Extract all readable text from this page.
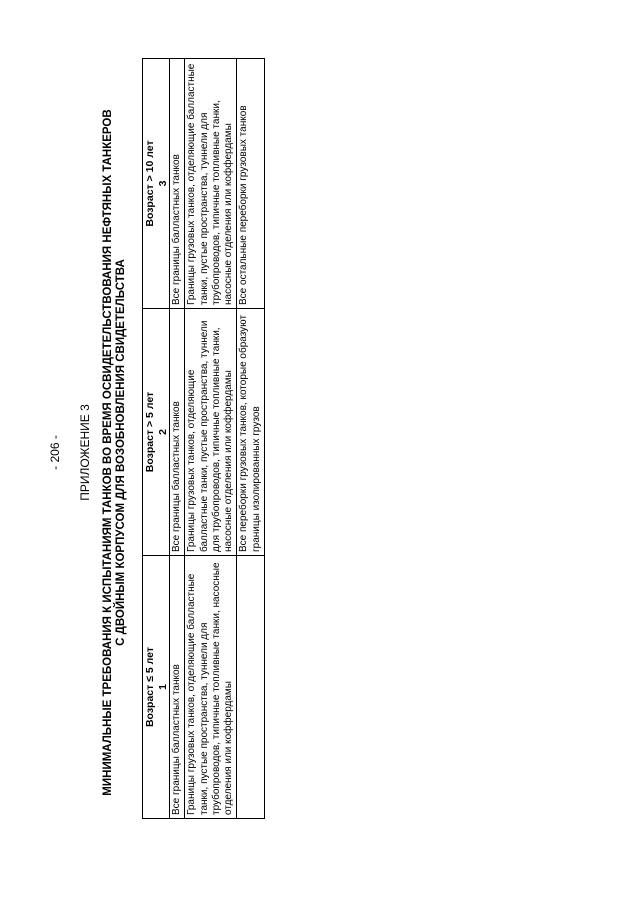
- 206 - ПРИЛОЖЕНИЕ 3 МИНИМАЛЬНЫЕ ТРЕБОВАНИЯ К ИСПЫТАНИЯМ ТАНКОВ ВО ВРЕМЯ ОСВИДЕТЕЛЬСТВОВАНИЯ НЕФТЯНЫХ ТАНКЕРОВ С ДВОЙНЫМ КОРПУСОМ ДЛЯ ВОЗОБНОВЛЕНИЯ СВИДЕТЕЛЬСТВА
Возраст ≤ 5 лет 1	Возраст > 5 лет 2	Возраст > 10 лет 3

Все границы балластных танков	Все границы балластных танков	Все границы балластных танков
Границы грузовых танков, отделяющие балластные танки, пустые пространства, туннели для трубопроводов, типичные топливные танки, насосные отделения или коффердамы	Границы грузовых танков, отделяющие балластные танки, пустые пространства, туннели для трубопроводов, типичные топливные танки, насосные отделения или коффердамы	Границы грузовых танков, отделяющие балластные танки, пустые пространства, туннели для трубопроводов, типичные топливные танки, насосные отделения или коффердамы
	Все переборки грузовых танков, которые образуют границы изолированных грузов	Все остальные переборки грузовых танков
